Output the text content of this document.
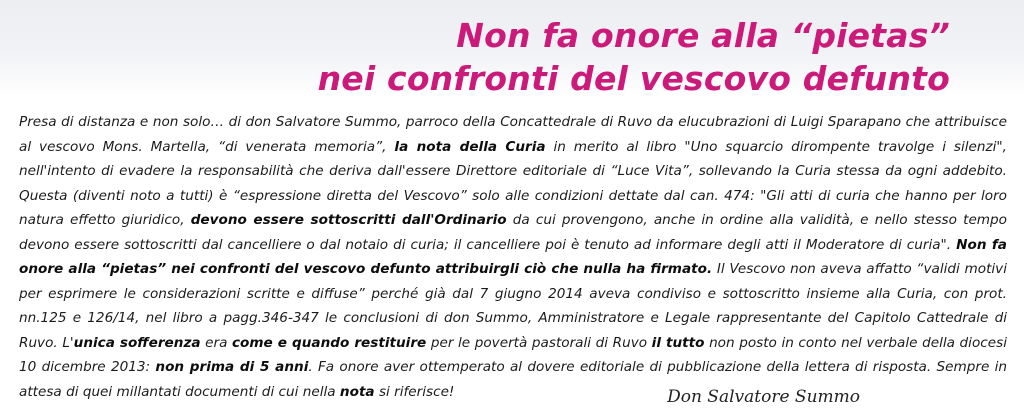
Non fa onore alla “pietas”
nei confronti del vescovo defunto

Presa di distanza e non solo… di don Salvatore Summo, parroco della Concattedrale di Ruvo da elucubrazioni di Luigi Sparapano che attribuisce al vescovo Mons. Martella, “di venerata memoria”, la nota della Curia in merito al libro "Uno squarcio dirompente travolge i silenzi", nell'intento di evadere la responsabilità che deriva dall'essere Direttore editoriale di “Luce Vita”, sollevando la Curia stessa da ogni addebito. Questa (diventi noto a tutti) è “espressione diretta del Vescovo” solo alle condizioni dettate dal can. 474: "Gli atti di curia che hanno per loro natura effetto giuridico, devono essere sottoscritti dall'Ordinario da cui provengono, anche in ordine alla validità, e nello stesso tempo devono essere sottoscritti dal cancelliere o dal notaio di curia; il cancelliere poi è tenuto ad informare degli atti il Moderatore di curia". Non fa onore alla “pietas” nei confronti del vescovo defunto attribuirgli ciò che nulla ha firmato. Il Vescovo non aveva affatto “validi motivi per esprimere le considerazioni scritte e diffuse” perché già dal 7 giugno 2014 aveva condiviso e sottoscritto insieme alla Curia, con prot. nn.125 e 126/14, nel libro a pagg.346-347 le conclusioni di don Summo, Amministratore e Legale rappresentante del Capitolo Cattedrale di Ruvo. L'unica sofferenza era come e quando restituire per le povertà pastorali di Ruvo il tutto non posto in conto nel verbale della diocesi 10 dicembre 2013: non prima di 5 anni. Fa onore aver ottemperato al dovere editoriale di pubblicazione della lettera di risposta. Sempre in attesa di quei millantati documenti di cui nella nota si riferisce!	Don Salvatore Summo
